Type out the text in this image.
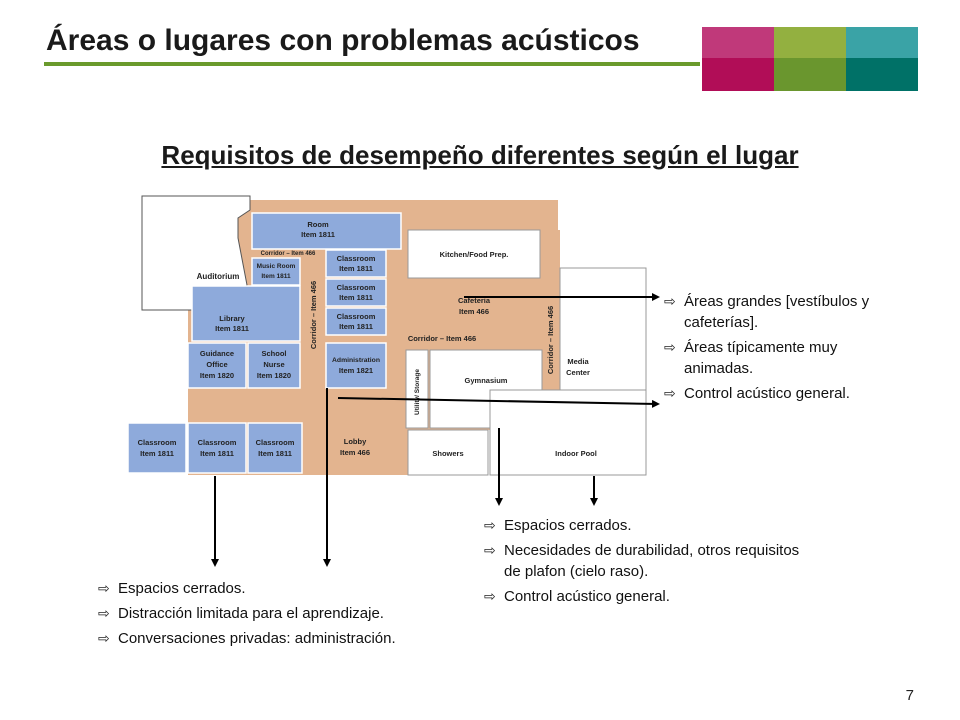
Áreas o lugares con problemas acústicos
Requisitos de desempeño diferentes según el lugar
Auditorium
Room
Item 1811
Corridor – Item 466
Music Room
Item 1811
Classroom
Item 1811
Classroom
Item 1811
Classroom
Item 1811
Library
Item 1811
Guidance
Office
Item 1820
School
Nurse
Item 1820
Administration
Item 1821
Lobby
Item 466
Classroom
Item 1811
Classroom
Item 1811
Classroom
Item 1811
Kitchen/Food Prep.
Cafeteria
Item 466
Corridor – Item 466
Gymnasium
Media
Center
Showers	Indoor Pool
Corridor – Item 466	Corridor – Item 466
Utility/ Storage
⇨ Áreas grandes [vestíbulos y cafeterías].
⇨ Áreas típicamente muy animadas.
⇨ Control acústico general.
⇨ Espacios cerrados.
⇨ Necesidades de durabilidad, otros requisitos de plafon (cielo raso).
⇨ Control acústico general.
⇨ Espacios cerrados.
⇨ Distracción limitada para el aprendizaje.
⇨ Conversaciones privadas: administración.
7
